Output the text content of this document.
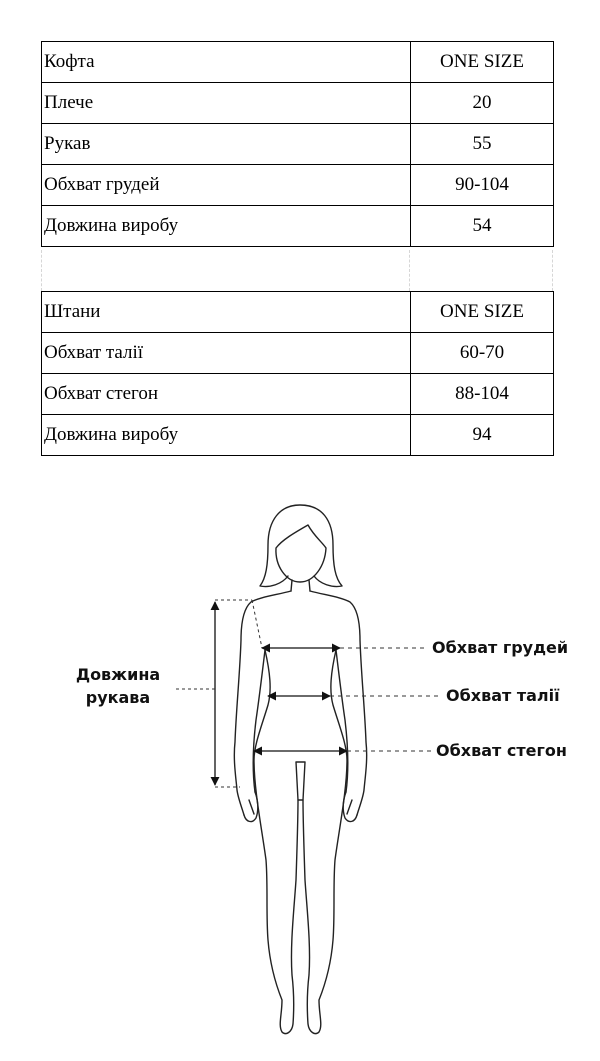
Кофта	ONE SIZE
Плече	20
Рукав	55
Обхват грудей	90-104
Довжина виробу	54
Штани	ONE SIZE
Обхват талії	60-70
Обхват стегон	88-104
Довжина виробу	94
Довжина
рукава
Обхват грудей
Обхват талії
Обхват стегон
